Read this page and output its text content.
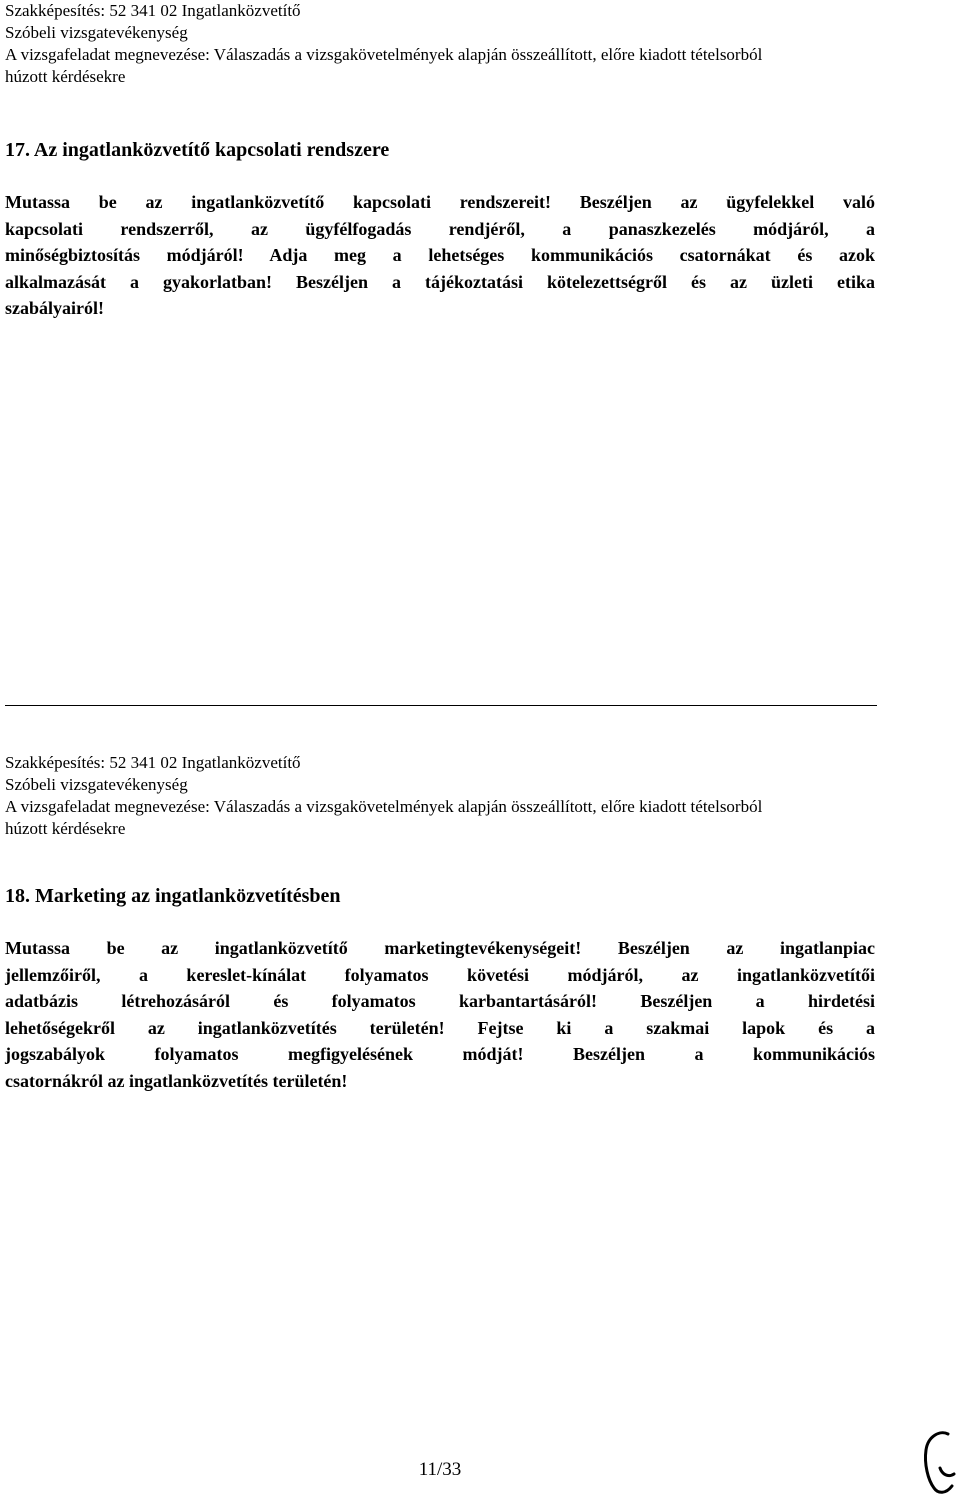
Szakképesítés: 52 341 02 Ingatlanközvetítő
Szóbeli vizsgatevékenység
A vizsgafeladat megnevezése: Válaszadás a vizsgakövetelmények alapján összeállított, előre kiadott tételsorból
húzott kérdésekre
17. Az ingatlanközvetítő kapcsolati rendszere
Mutassa be az ingatlanközvetítő kapcsolati rendszereit! Beszéljen az ügyfelekkel való
kapcsolati rendszerről, az ügyfélfogadás rendjéről, a panaszkezelés módjáról, a
minőségbiztosítás módjáról! Adja meg a lehetséges kommunikációs csatornákat és azok
alkalmazását a gyakorlatban! Beszéljen a tájékoztatási kötelezettségről és az üzleti etika
szabályairól!
Szakképesítés: 52 341 02 Ingatlanközvetítő
Szóbeli vizsgatevékenység
A vizsgafeladat megnevezése: Válaszadás a vizsgakövetelmények alapján összeállított, előre kiadott tételsorból
húzott kérdésekre
18. Marketing az ingatlanközvetítésben
Mutassa be az ingatlanközvetítő marketingtevékenységeit! Beszéljen az ingatlanpiac
jellemzőiről, a kereslet-kínálat folyamatos követési módjáról, az ingatlanközvetítői
adatbázis létrehozásáról és folyamatos karbantartásáról! Beszéljen a hirdetési
lehetőségekről az ingatlanközvetítés területén! Fejtse ki a szakmai lapok és a
jogszabályok folyamatos megfigyelésének módját! Beszéljen a kommunikációs
csatornákról az ingatlanközvetítés területén!
11/33
